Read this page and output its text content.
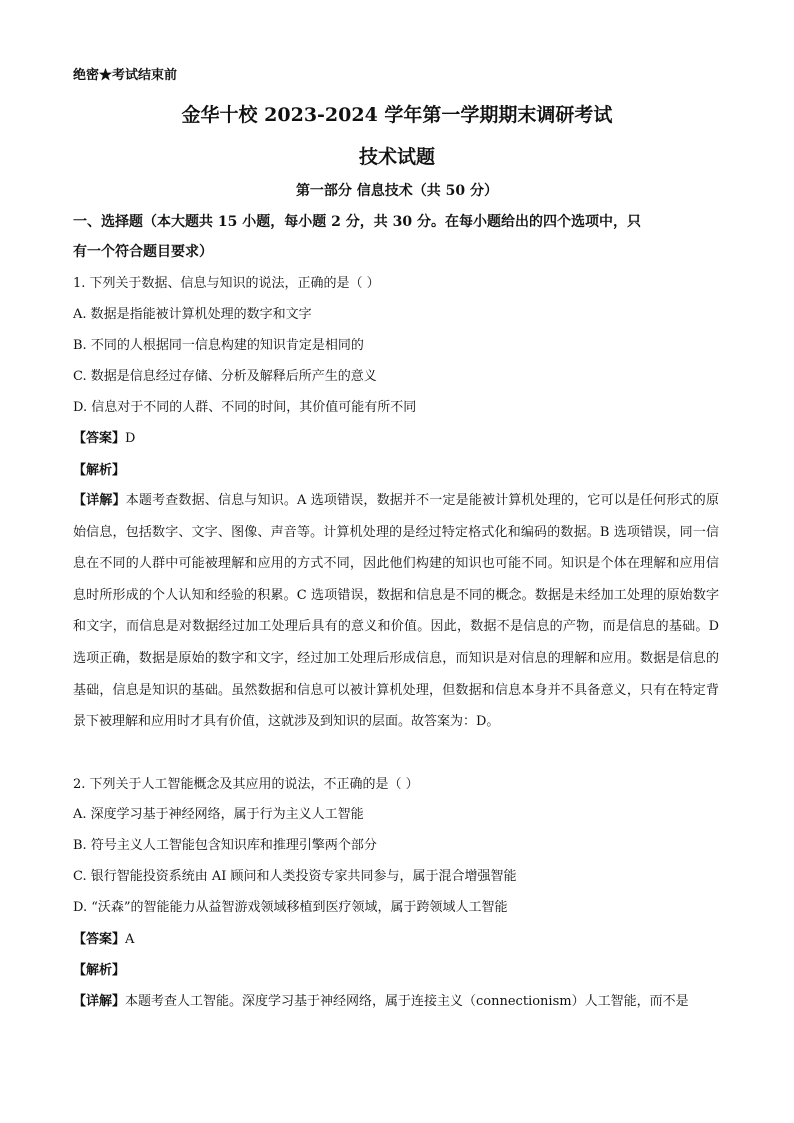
绝密★考试结束前
金华十校 2023-2024 学年第一学期期末调研考试
技术试题
第一部分 信息技术（共 50 分）
一、选择题（本大题共 15 小题，每小题 2 分，共 30 分。在每小题给出的四个选项中，只
有一个符合题目要求）
1. 下列关于数据、信息与知识的说法，正确的是（ ）
A. 数据是指能被计算机处理的数字和文字
B. 不同的人根据同一信息构建的知识肯定是相同的
C. 数据是信息经过存储、分析及解释后所产生的意义
D. 信息对于不同的人群、不同的时间，其价值可能有所不同
【答案】D
【解析】
【详解】本题考查数据、信息与知识。A 选项错误，数据并不一定是能被计算机处理的，它可以是任何形式的原始信息，包括数字、文字、图像、声音等。计算机处理的是经过特定格式化和编码的数据。B 选项错误，同一信息在不同的人群中可能被理解和应用的方式不同，因此他们构建的知识也可能不同。知识是个体在理解和应用信息时所形成的个人认知和经验的积累。C 选项错误，数据和信息是不同的概念。数据是未经加工处理的原始数字和文字，而信息是对数据经过加工处理后具有的意义和价值。因此，数据不是信息的产物，而是信息的基础。D 选项正确，数据是原始的数字和文字，经过加工处理后形成信息，而知识是对信息的理解和应用。数据是信息的基础，信息是知识的基础。虽然数据和信息可以被计算机处理，但数据和信息本身并不具备意义，只有在特定背景下被理解和应用时才具有价值，这就涉及到知识的层面。故答案为：D。
2. 下列关于人工智能概念及其应用的说法，不正确的是（ ）
A. 深度学习基于神经网络，属于行为主义人工智能
B. 符号主义人工智能包含知识库和推理引擎两个部分
C. 银行智能投资系统由 AI 顾问和人类投资专家共同参与，属于混合增强智能
D. “沃森”的智能能力从益智游戏领域移植到医疗领域，属于跨领域人工智能
【答案】A
【解析】
【详解】本题考查人工智能。深度学习基于神经网络，属于连接主义（connectionism）人工智能，而不是
